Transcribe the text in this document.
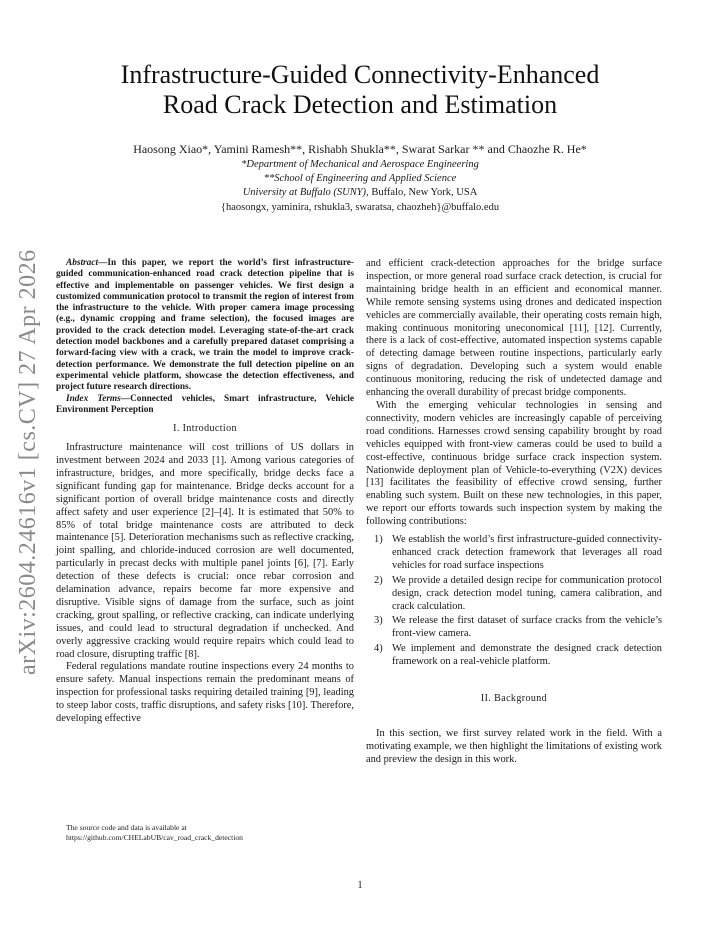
Infrastructure-Guided Connectivity-Enhanced
Road Crack Detection and Estimation
Haosong Xiao*, Yamini Ramesh**, Rishabh Shukla**, Swarat Sarkar ** and Chaozhe R. He*
*Department of Mechanical and Aerospace Engineering
**School of Engineering and Applied Science
University at Buffalo (SUNY), Buffalo, New York, USA
{haosongx, yaminira, rshukla3, swaratsa, chaozheh}@buffalo.edu
arXiv:2604.24616v1 [cs.CV] 27 Apr 2026	Abstract—In this paper, we report the world’s first infrastructure-guided communication-enhanced road crack detection pipeline that is effective and implementable on passenger vehicles. We first design a customized communication protocol to transmit the region of interest from the infrastructure to the vehicle. With proper camera image processing (e.g., dynamic cropping and frame selection), the focused images are provided to the crack detection model. Leveraging state-of-the-art crack detection model backbones and a carefully prepared dataset comprising a forward-facing view with a crack, we train the model to improve crack-detection performance. We demonstrate the full detection pipeline on an experimental vehicle platform, showcase the detection effectiveness, and project future research directions.
Index Terms—Connected vehicles, Smart infrastructure, Vehicle Environment Perception
I. Introduction
Infrastructure maintenance will cost trillions of US dollars in investment between 2024 and 2033 [1]. Among various categories of infrastructure, bridges, and more specifically, bridge decks face a significant funding gap for maintenance. Bridge decks account for a significant portion of overall bridge maintenance costs and directly affect safety and user experience [2]–[4]. It is estimated that 50% to 85% of total bridge maintenance costs are attributed to deck maintenance [5]. Deterioration mechanisms such as reflective cracking, joint spalling, and chloride-induced corrosion are well documented, particularly in precast decks with multiple panel joints [6], [7]. Early detection of these defects is crucial: once rebar corrosion and delamination advance, repairs become far more expensive and disruptive. Visible signs of damage from the surface, such as joint cracking, grout spalling, or reflective cracking, can indicate underlying issues, and could lead to structural degradation if unchecked. And overly aggressive cracking would require repairs which could lead to road closure, disrupting traffic [8].
Federal regulations mandate routine inspections every 24 months to ensure safety. Manual inspections remain the predominant means of inspection for professional tasks requiring detailed training [9], leading to steep labor costs, traffic disruptions, and safety risks [10]. Therefore, developing effective
The source code and data is available at
https://github.com/CHELabUB/cav_road_crack_detection
and efficient crack-detection approaches for the bridge surface inspection, or more general road surface crack detection, is crucial for maintaining bridge health in an efficient and economical manner. While remote sensing systems using drones and dedicated inspection vehicles are commercially available, their operating costs remain high, making continuous monitoring uneconomical [11], [12]. Currently, there is a lack of cost-effective, automated inspection systems capable of detecting damage between routine inspections, particularly early signs of degradation. Developing such a system would enable continuous monitoring, reducing the risk of undetected damage and enhancing the overall durability of precast bridge components.
With the emerging vehicular technologies in sensing and connectivity, modern vehicles are increasingly capable of perceiving road conditions. Harnesses crowd sensing capability brought by road vehicles equipped with front-view cameras could be used to build a cost-effective, continuous bridge surface crack inspection system. Nationwide deployment plan of Vehicle-to-everything (V2X) devices [13] facilitates the feasibility of effective crowd sensing, further enabling such system. Built on these new technologies, in this paper, we report our efforts towards such inspection system by making the following contributions:
1) We establish the world’s first infrastructure-guided connectivity-enhanced crack detection framework that leverages all road vehicles for road surface inspections
2) We provide a detailed design recipe for communication protocol design, crack detection model tuning, camera calibration, and crack calculation.
3) We release the first dataset of surface cracks from the vehicle’s front-view camera.
4) We implement and demonstrate the designed crack detection framework on a real-vehicle platform.
II. Background
In this section, we first survey related work in the field. With a motivating example, we then highlight the limitations of existing work and preview the design in this work.
1
